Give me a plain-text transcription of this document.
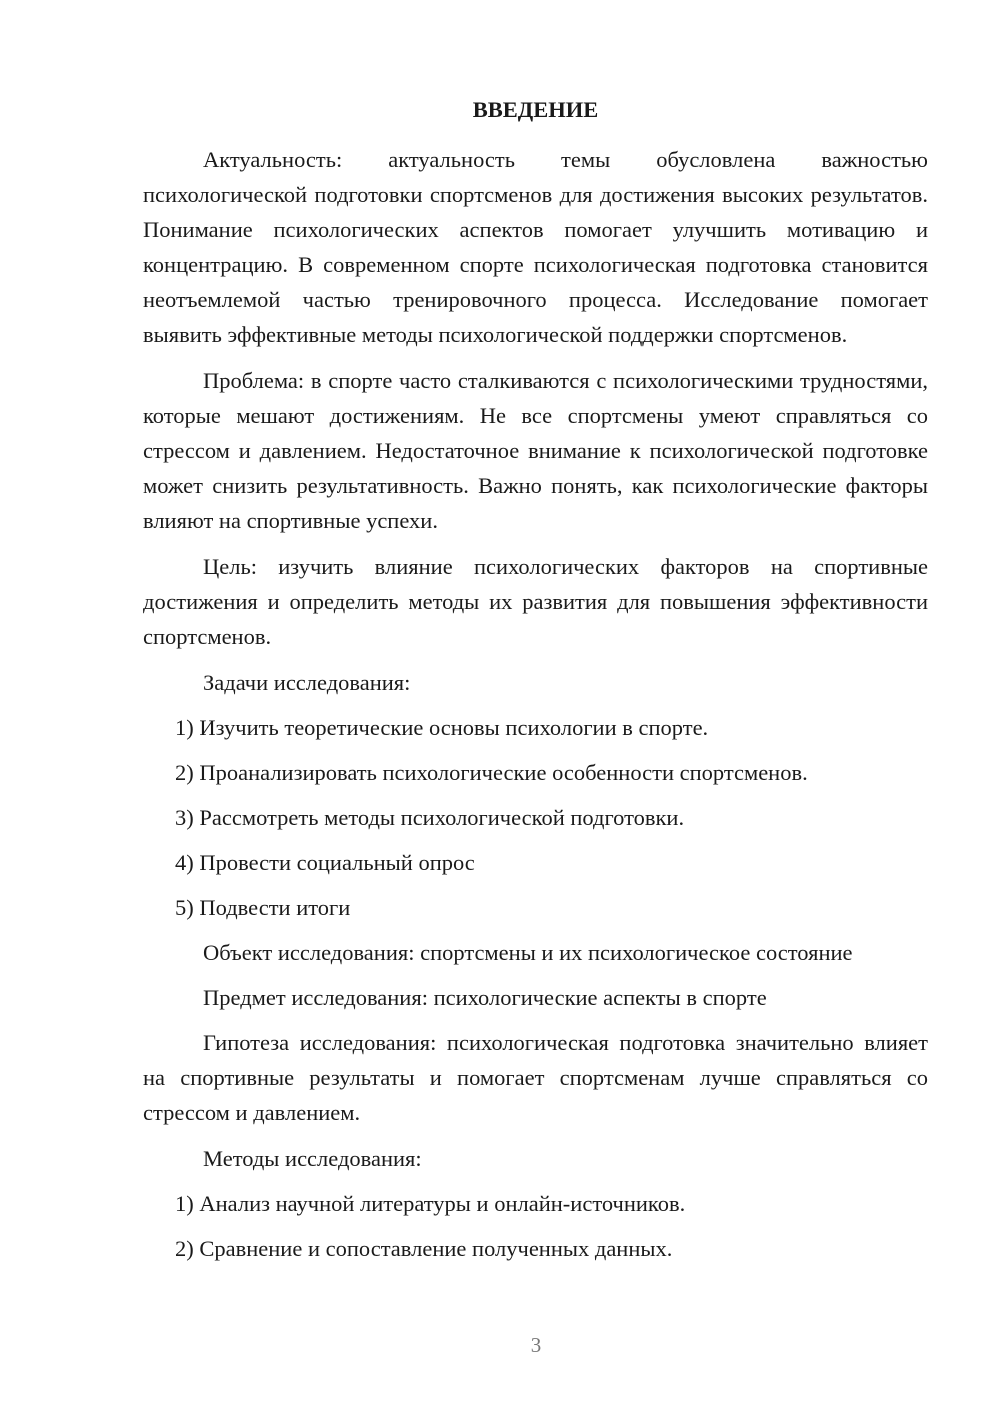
ВВЕДЕНИЕ

Актуальность: актуальность темы обусловлена важностью психологической подготовки спортсменов для достижения высоких результатов. Понимание психологических аспектов помогает улучшить мотивацию и концентрацию. В современном спорте психологическая подготовка становится неотъемлемой частью тренировочного процесса. Исследование помогает выявить эффективные методы психологической поддержки спортсменов.

Проблема: в спорте часто сталкиваются с психологическими трудностями, которые мешают достижениям. Не все спортсмены умеют справляться со стрессом и давлением. Недостаточное внимание к психологической подготовке может снизить результативность. Важно понять, как психологические факторы влияют на спортивные успехи.

Цель: изучить влияние психологических факторов на спортивные достижения и определить методы их развития для повышения эффективности спортсменов.

Задачи исследования:
1) Изучить теоретические основы психологии в спорте.
2) Проанализировать психологические особенности спортсменов.
3) Рассмотреть методы психологической подготовки.
4) Провести социальный опрос
5) Подвести итоги
Объект исследования: спортсмены и их психологическое состояние
Предмет исследования: психологические аспекты в спорте

Гипотеза исследования: психологическая подготовка значительно влияет на спортивные результаты и помогает спортсменам лучше справляться со стрессом и давлением.

Методы исследования:
1) Анализ научной литературы и онлайн-источников.
2) Сравнение и сопоставление полученных данных.
3
